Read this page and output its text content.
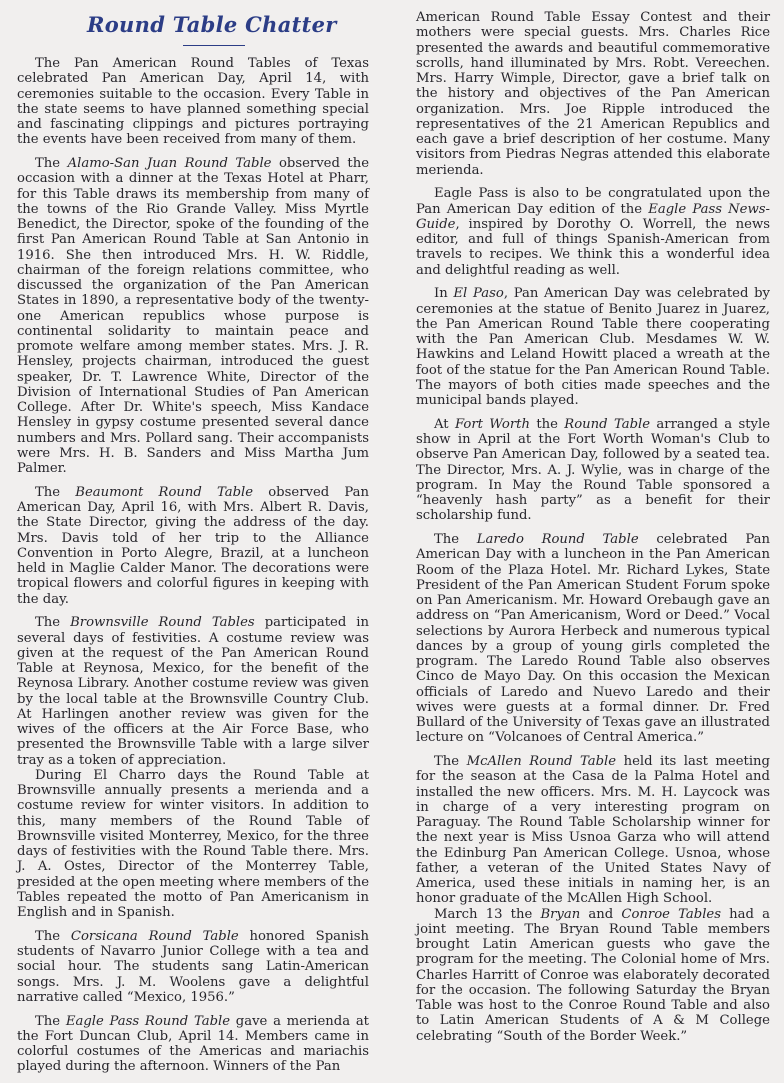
Round Table Chatter

The Pan American Round Tables of Texas celebrated Pan American Day, April 14, with ceremonies suitable to the occasion. Every Table in the state seems to have planned something special and fascinating clippings and pictures portraying the events have been received from many of them.

The Alamo-San Juan Round Table observed the occasion with a dinner at the Texas Hotel at Pharr, for this Table draws its membership from many of the towns of the Rio Grande Valley. Miss Myrtle Benedict, the Director, spoke of the founding of the first Pan American Round Table at San Antonio in 1916. She then introduced Mrs. H. W. Riddle, chairman of the foreign relations committee, who discussed the organization of the Pan American States in 1890, a representative body of the twenty-one American republics whose purpose is continental solidarity to maintain peace and promote welfare among member states. Mrs. J. R. Hensley, projects chairman, introduced the guest speaker, Dr. T. Lawrence White, Director of the Division of International Studies of Pan American College. After Dr. White's speech, Miss Kandace Hensley in gypsy costume presented several dance numbers and Mrs. Pollard sang. Their accompanists were Mrs. H. B. Sanders and Miss Martha Jum Palmer.

The Beaumont Round Table observed Pan American Day, April 16, with Mrs. Albert R. Davis, the State Director, giving the address of the day. Mrs. Davis told of her trip to the Alliance Convention in Porto Alegre, Brazil, at a luncheon held in Maglie Calder Manor. The decorations were tropical flowers and colorful figures in keeping with the day.

The Brownsville Round Tables participated in several days of festivities. A costume review was given at the request of the Pan American Round Table at Reynosa, Mexico, for the benefit of the Reynosa Library. Another costume review was given by the local table at the Brownsville Country Club. At Harlingen another review was given for the wives of the officers at the Air Force Base, who presented the Brownsville Table with a large silver tray as a token of appreciation.

During El Charro days the Round Table at Brownsville annually presents a merienda and a costume review for winter visitors. In addition to this, many members of the Round Table of Brownsville visited Monterrey, Mexico, for the three days of festivities with the Round Table there. Mrs. J. A. Ostes, Director of the Monterrey Table, presided at the open meeting where members of the Tables repeated the motto of Pan Americanism in English and in Spanish.

The Corsicana Round Table honored Spanish students of Navarro Junior College with a tea and social hour. The students sang Latin-American songs. Mrs. J. M. Woolens gave a delightful narrative called “Mexico, 1956.”

The Eagle Pass Round Table gave a merienda at the Fort Duncan Club, April 14. Members came in colorful costumes of the Americas and mariachis played during the afternoon. Winners of the Pan

American Round Table Essay Contest and their mothers were special guests. Mrs. Charles Rice presented the awards and beautiful commemorative scrolls, hand illuminated by Mrs. Robt. Vereechen. Mrs. Harry Wimple, Director, gave a brief talk on the history and objectives of the Pan American organization. Mrs. Joe Ripple introduced the representatives of the 21 American Republics and each gave a brief description of her costume. Many visitors from Piedras Negras attended this elaborate merienda.

Eagle Pass is also to be congratulated upon the Pan American Day edition of the Eagle Pass News-Guide, inspired by Dorothy O. Worrell, the news editor, and full of things Spanish-American from travels to recipes. We think this a wonderful idea and delightful reading as well.

In El Paso, Pan American Day was celebrated by ceremonies at the statue of Benito Juarez in Juarez, the Pan American Round Table there cooperating with the Pan American Club. Mesdames W. W. Hawkins and Leland Howitt placed a wreath at the foot of the statue for the Pan American Round Table. The mayors of both cities made speeches and the municipal bands played.

At Fort Worth the Round Table arranged a style show in April at the Fort Worth Woman's Club to observe Pan American Day, followed by a seated tea. The Director, Mrs. A. J. Wylie, was in charge of the program. In May the Round Table sponsored a “heavenly hash party” as a benefit for their scholarship fund.

The Laredo Round Table celebrated Pan American Day with a luncheon in the Pan American Room of the Plaza Hotel. Mr. Richard Lykes, State President of the Pan American Student Forum spoke on Pan Americanism. Mr. Howard Orebaugh gave an address on “Pan Americanism, Word or Deed.” Vocal selections by Aurora Herbeck and numerous typical dances by a group of young girls completed the program. The Laredo Round Table also observes Cinco de Mayo Day. On this occasion the Mexican officials of Laredo and Nuevo Laredo and their wives were guests at a formal dinner. Dr. Fred Bullard of the University of Texas gave an illustrated lecture on “Volcanoes of Central America.”

The McAllen Round Table held its last meeting for the season at the Casa de la Palma Hotel and installed the new officers. Mrs. M. H. Laycock was in charge of a very interesting program on Paraguay. The Round Table Scholarship winner for the next year is Miss Usnoa Garza who will attend the Edinburg Pan American College. Usnoa, whose father, a veteran of the United States Navy of America, used these initials in naming her, is an honor graduate of the McAllen High School.

March 13 the Bryan and Conroe Tables had a joint meeting. The Bryan Round Table members brought Latin American guests who gave the program for the meeting. The Colonial home of Mrs. Charles Harritt of Conroe was elaborately decorated for the occasion. The following Saturday the Bryan Table was host to the Conroe Round Table and also to Latin American Students of A & M College celebrating “South of the Border Week.”
